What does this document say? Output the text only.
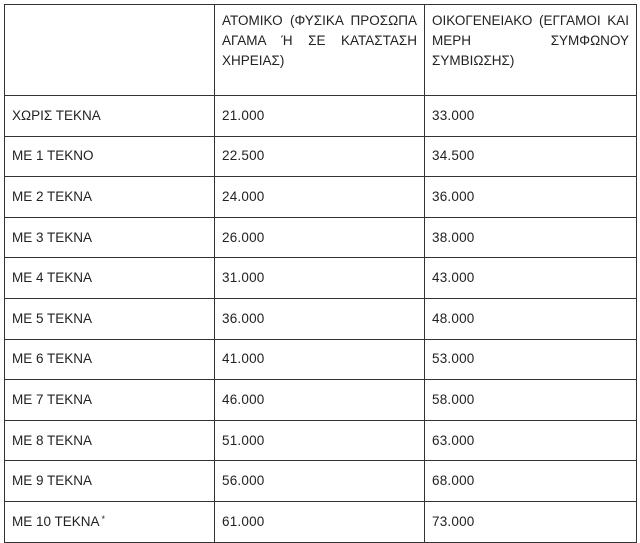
	ΑΤΟΜΙΚΟ (ΦΥΣΙΚΑ ΠΡΟΣΩΠΑ ΑΓΑΜΑ Ή ΣΕ ΚΑΤΑΣΤΑΣΗ ΧΗΡΕΙΑΣ)	ΟΙΚΟΓΕΝΕΙΑΚΟ (ΕΓΓΑΜΟΙ ΚΑΙ ΜΕΡΗ ΣΥΜΦΩΝΟΥ ΣΥΜΒΙΩΣΗΣ)

ΧΩΡΙΣ ΤΕΚΝΑ	21.000	33.000
ΜΕ 1 ΤΕΚΝΟ	22.500	34.500
ΜΕ 2 ΤΕΚΝΑ	24.000	36.000
ΜΕ 3 ΤΕΚΝΑ	26.000	38.000
ΜΕ 4 ΤΕΚΝΑ	31.000	43.000
ΜΕ 5 ΤΕΚΝΑ	36.000	48.000
ΜΕ 6 ΤΕΚΝΑ	41.000	53.000
ΜΕ 7 ΤΕΚΝΑ	46.000	58.000
ΜΕ 8 ΤΕΚΝΑ	51.000	63.000
ΜΕ 9 ΤΕΚΝΑ	56.000	68.000
ΜΕ 10 ΤΕΚΝΑ *	61.000	73.000
